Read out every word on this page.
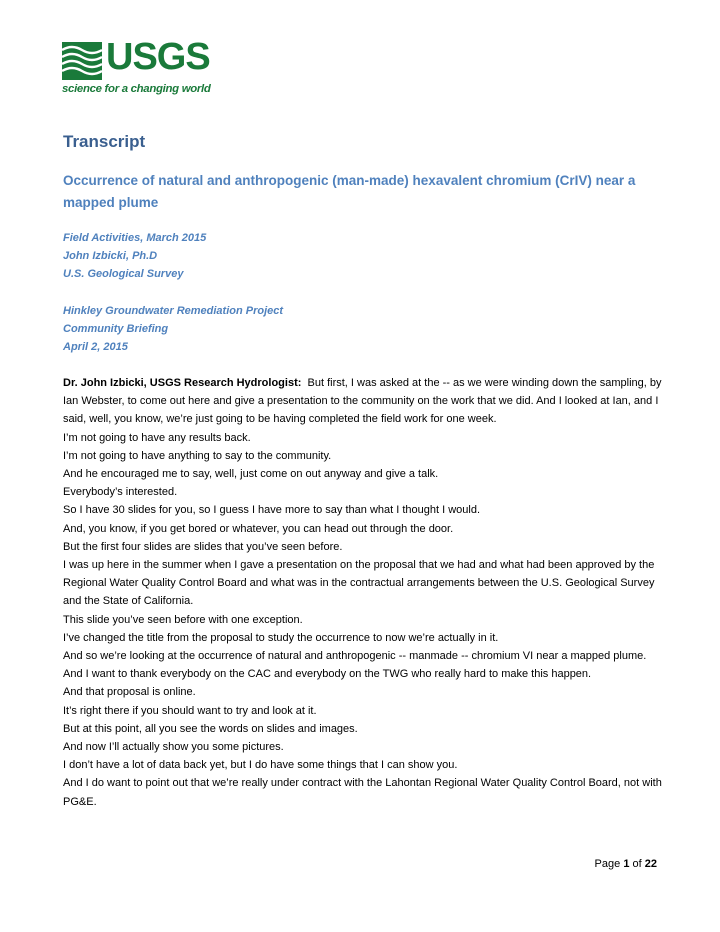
USGS
science for a changing world
Transcript
Occurrence of natural and anthropogenic (man-made) hexavalent chromium (CrIV) near a mapped plume
Field Activities, March 2015
John Izbicki, Ph.D
U.S. Geological Survey
Hinkley Groundwater Remediation Project
Community Briefing
April 2, 2015

Dr. John Izbicki, USGS Research Hydrologist: But first, I was asked at the -- as we were winding down the sampling, by Ian Webster, to come out here and give a presentation to the community on the work that we did. And I looked at Ian, and I said, well, you know, we’re just going to be having completed the field work for one week.

I’m not going to have any results back.

I’m not going to have anything to say to the community.

And he encouraged me to say, well, just come on out anyway and give a talk.

Everybody’s interested.

So I have 30 slides for you, so I guess I have more to say than what I thought I would.

And, you know, if you get bored or whatever, you can head out through the door.

But the first four slides are slides that you’ve seen before.

I was up here in the summer when I gave a presentation on the proposal that we had and what had been approved by the Regional Water Quality Control Board and what was in the contractual arrangements between the U.S. Geological Survey and the State of California.

This slide you’ve seen before with one exception.

I’ve changed the title from the proposal to study the occurrence to now we’re actually in it.

And so we’re looking at the occurrence of natural and anthropogenic -- manmade -- chromium VI near a mapped plume.

And I want to thank everybody on the CAC and everybody on the TWG who really hard to make this happen.

And that proposal is online.

It’s right there if you should want to try and look at it.

But at this point, all you see the words on slides and images.

And now I’ll actually show you some pictures.

I don’t have a lot of data back yet, but I do have some things that I can show you.

And I do want to point out that we’re really under contract with the Lahontan Regional Water Quality Control Board, not with PG&E.

Page 1 of 22
